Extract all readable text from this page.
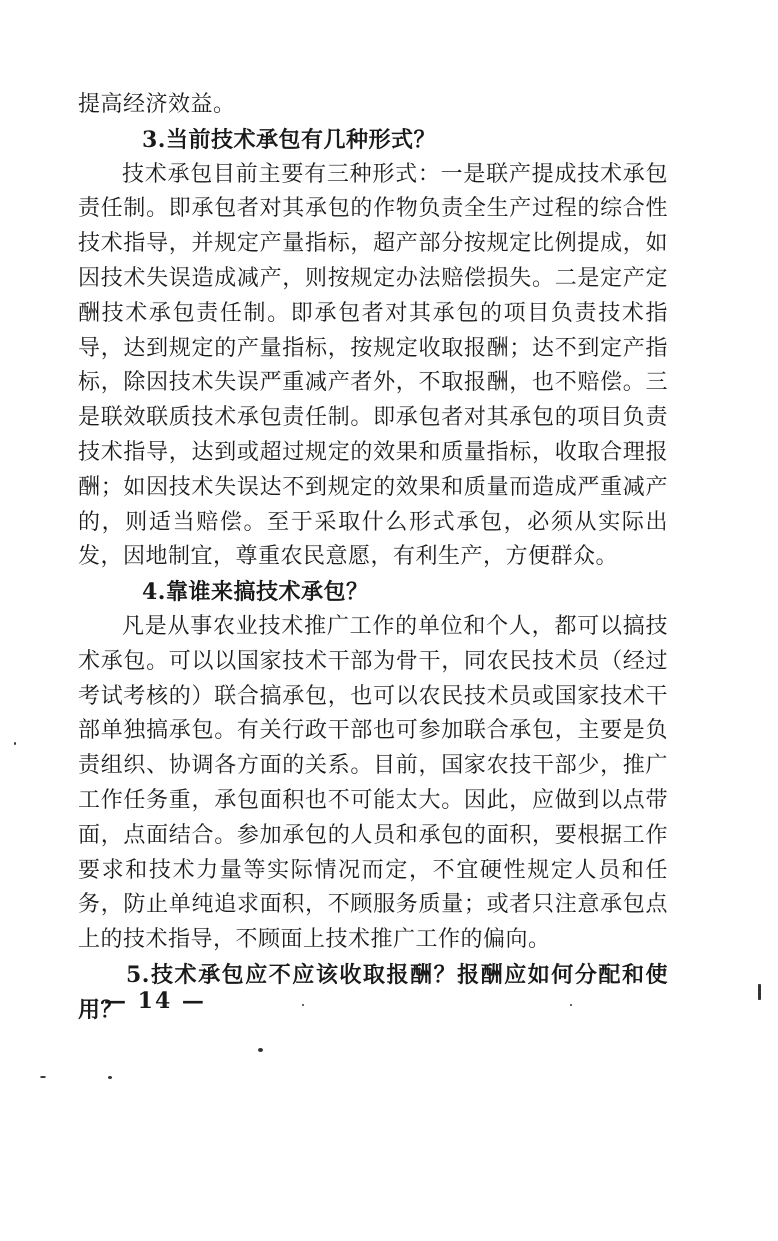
提高经济效益。
3.当前技术承包有几种形式？
技术承包目前主要有三种形式：一是联产提成技术承包
责任制。即承包者对其承包的作物负责全生产过程的综合性
技术指导，并规定产量指标，超产部分按规定比例提成，如
因技术失误造成减产，则按规定办法赔偿损失。二是定产定
酬技术承包责任制。即承包者对其承包的项目负责技术指
导，达到规定的产量指标，按规定收取报酬；达不到定产指
标，除因技术失误严重减产者外，不取报酬，也不赔偿。三
是联效联质技术承包责任制。即承包者对其承包的项目负责
技术指导，达到或超过规定的效果和质量指标，收取合理报
酬；如因技术失误达不到规定的效果和质量而造成严重减产
的，则适当赔偿。至于采取什么形式承包，必须从实际出
发，因地制宜，尊重农民意愿，有利生产，方便群众。
4.靠谁来搞技术承包？
凡是从事农业技术推广工作的单位和个人，都可以搞技
术承包。可以以国家技术干部为骨干，同农民技术员（经过
考试考核的）联合搞承包，也可以农民技术员或国家技术干
部单独搞承包。有关行政干部也可参加联合承包，主要是负
责组织、协调各方面的关系。目前，国家农技干部少，推广
工作任务重，承包面积也不可能太大。因此，应做到以点带
面，点面结合。参加承包的人员和承包的面积，要根据工作
要求和技术力量等实际情况而定，不宜硬性规定人员和任
务，防止单纯追求面积，不顾服务质量；或者只注意承包点
上的技术指导，不顾面上技术推广工作的偏向。
5.技术承包应不应该收取报酬？报酬应如何分配和使
用？
— 14 —
